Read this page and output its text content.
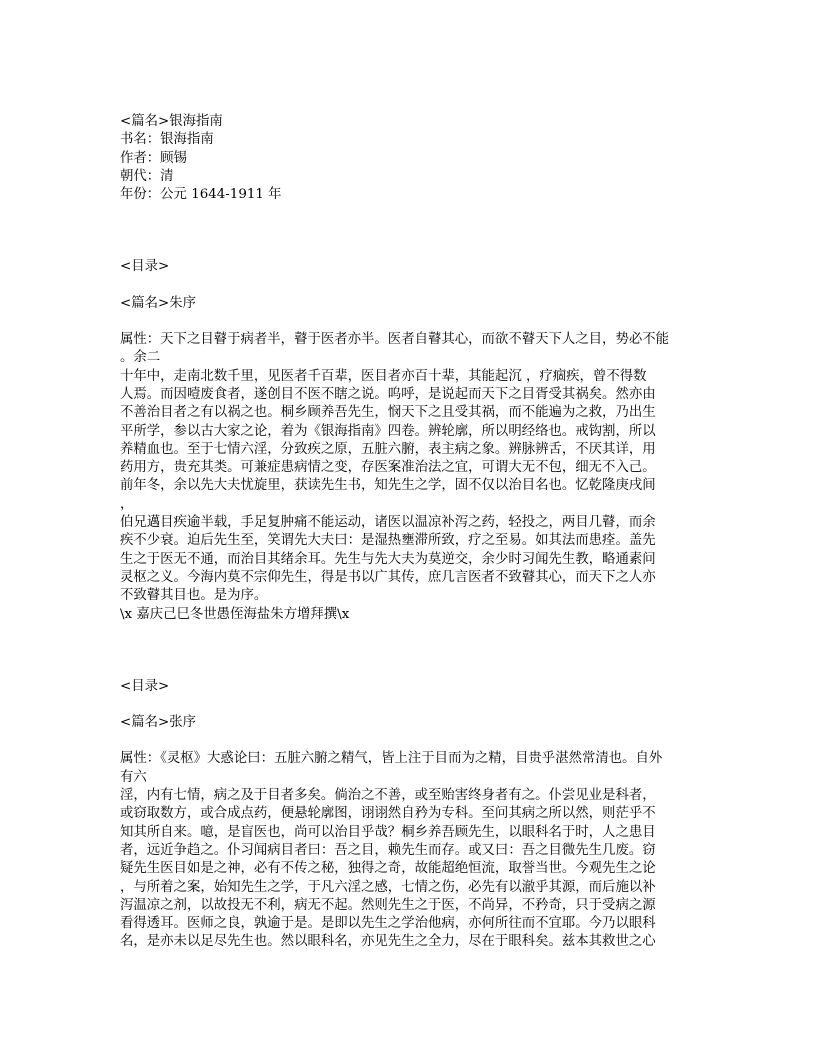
<篇名>银海指南

书名：银海指南

作者：顾锡

朝代：清

年份：公元 1644-1911 年

<目录>

<篇名>朱序

属性：天下之目瞽于病者半，瞽于医者亦半。医者自瞽其心，而欲不瞽天下人之目，势必不能

。余二

十年中，走南北数千里，见医者千百辈，医目者亦百十辈，其能起沉 ，疗痼疾，曾不得数

人焉。而因噎废食者，遂创目不医不瞎之说。呜呼，是说起而天下之目胥受其祸矣。然亦由

不善治目者之有以祸之也。桐乡顾养吾先生，悯天下之且受其祸，而不能遍为之救，乃出生

平所学，参以古大家之论，着为《银海指南》四卷。辨轮廓，所以明经络也。戒钩割，所以

养精血也。至于七情六淫，分致疾之原，五脏六腑，表主病之象。辨脉辨舌，不厌其详，用

药用方，贵充其类。可兼症患病情之变，存医案准治法之宜，可谓大无不包，细无不入己。

前年冬，余以先大夫忧旋里，获读先生书，知先生之学，固不仅以治目名也。忆乾隆庚戌间

，

伯兄邁目疾逾半载，手足复肿痛不能运动，诸医以温凉补泻之药，轻投之，两目几瞽，而余

疾不少衰。迫后先生至，笑谓先大夫曰：是湿热壅滞所致，疗之至易。如其法而患痊。盖先

生之于医无不通，而治目其绪余耳。先生与先大夫为莫逆交，余少时习闻先生教，略通素问

灵枢之义。今海内莫不宗仰先生，得是书以广其传，庶几言医者不致瞽其心，而天下之人亦

不致瞽其目也。是为序。

\x 嘉庆己巳冬世愚侄海盐朱方增拜撰\x

<目录>

<篇名>张序

属性：《灵枢》大惑论曰：五脏六腑之精气，皆上注于目而为之精，目贵乎湛然常清也。自外

有六

淫，内有七情，病之及于目者多矣。倘治之不善，或至贻害终身者有之。仆尝见业是科者，

或窃取数方，或合成点药，便悬轮廓图，诩诩然自矜为专科。至问其病之所以然，则茫乎不

知其所自来。噫，是盲医也，尚可以治目乎哉？桐乡养吾顾先生，以眼科名于时，人之患目

者，远近争趋之。仆习闻病目者曰：吾之目，赖先生而存。或又曰：吾之目微先生几废。窃

疑先生医目如是之神，必有不传之秘，独得之奇，故能超绝恒流，取誉当世。今观先生之论

，与所着之案，始知先生之学，于凡六淫之感，七情之伤，必先有以澈乎其源，而后施以补

泻温凉之剂，以故投无不利，病无不起。然则先生之于医，不尚异，不矜奇，只于受病之源

看得透耳。医师之良，孰逾于是。是即以先生之学治他病，亦何所往而不宜耶。今乃以眼科

名，是亦未以足尽先生也。然以眼科名，亦见先生之全力，尽在于眼科矣。兹本其救世之心
